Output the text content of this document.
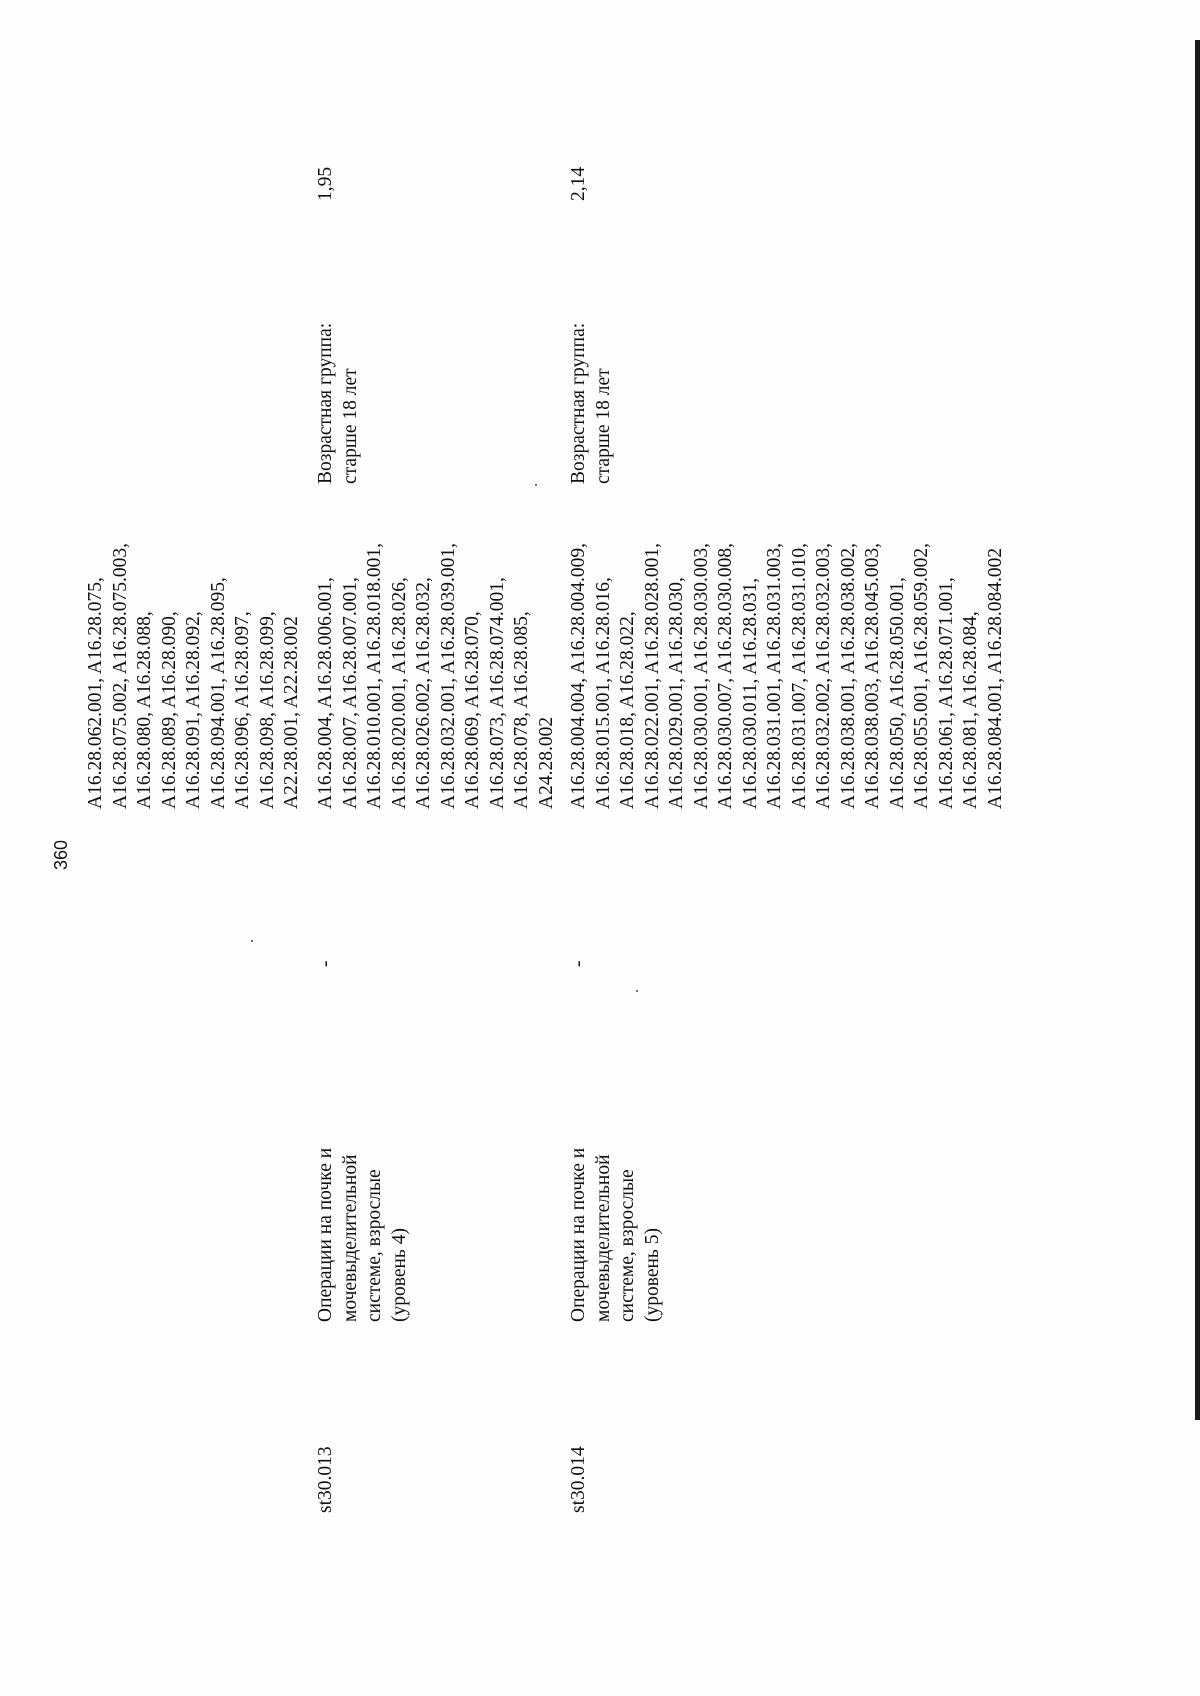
360
A16.28.062.001, A16.28.075, A16.28.075.002, A16.28.075.003, A16.28.080, A16.28.088, A16.28.089, A16.28.090, A16.28.091, A16.28.092, A16.28.094.001, A16.28.095, A16.28.096, A16.28.097, A16.28.098, A16.28.099, A22.28.001, A22.28.002
st30.013
Операции на почке и мочевыделительной системе, взрослые (уровень 4)
-
A16.28.004, A16.28.006.001, A16.28.007, A16.28.007.001, A16.28.010.001, A16.28.018.001, A16.28.020.001, A16.28.026, A16.28.026.002, A16.28.032, A16.28.032.001, A16.28.039.001, A16.28.069, A16.28.070, A16.28.073, A16.28.074.001, A16.28.078, A16.28.085, A24.28.002
Возрастная группа: старше 18 лет
1,95
st30.014
Операции на почке и мочевыделительной системе, взрослые (уровень 5)
-
A16.28.004.004, A16.28.004.009, A16.28.015.001, A16.28.016, A16.28.018, A16.28.022, A16.28.022.001, A16.28.028.001, A16.28.029.001, A16.28.030, A16.28.030.001, A16.28.030.003, A16.28.030.007, A16.28.030.008, A16.28.030.011, A16.28.031, A16.28.031.001, A16.28.031.003, A16.28.031.007, A16.28.031.010, A16.28.032.002, A16.28.032.003, A16.28.038.001, A16.28.038.002, A16.28.038.003, A16.28.045.003, A16.28.050, A16.28.050.001, A16.28.055.001, A16.28.059.002, A16.28.061, A16.28.071.001, A16.28.081, A16.28.084, A16.28.084.001, A16.28.084.002
Возрастная группа: старше 18 лет
2,14
